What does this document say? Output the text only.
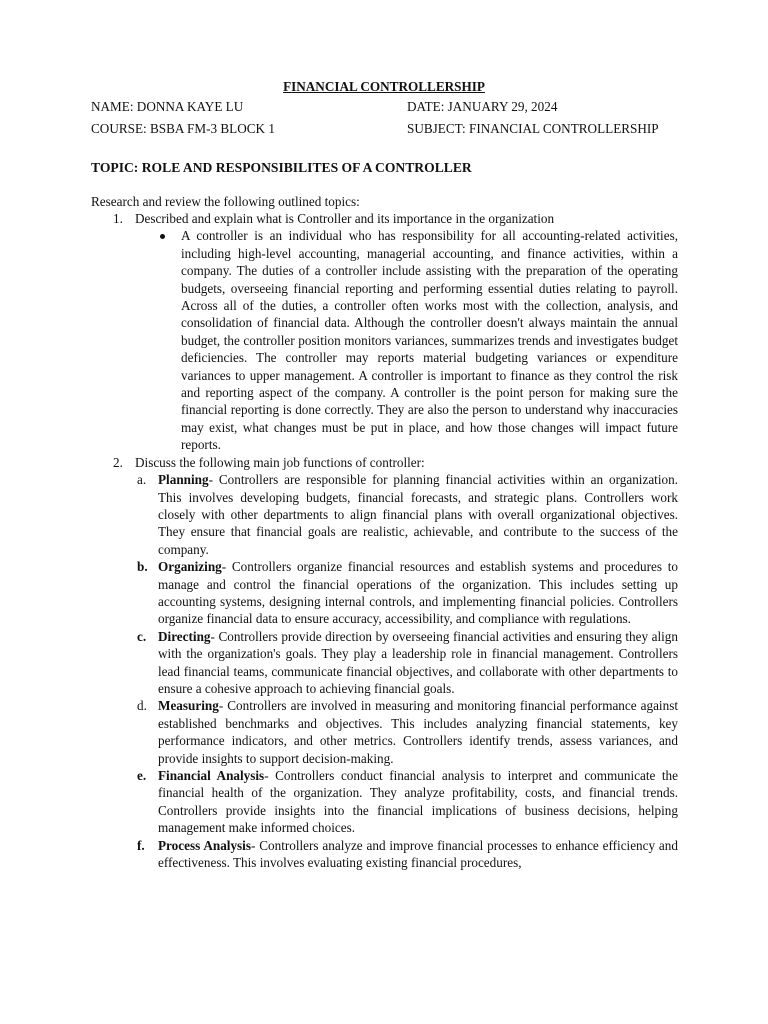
FINANCIAL CONTROLLERSHIP
NAME: DONNA KAYE LU	DATE: JANUARY 29, 2024
COURSE: BSBA FM-3 BLOCK 1	SUBJECT: FINANCIAL CONTROLLERSHIP
TOPIC: ROLE AND RESPONSIBILITES OF A CONTROLLER
Research and review the following outlined topics:
1. Described and explain what is Controller and its importance in the organization

A controller is an individual who has responsibility for all accounting-related activities, including high-level accounting, managerial accounting, and finance activities, within a company. The duties of a controller include assisting with the preparation of the operating budgets, overseeing financial reporting and performing essential duties relating to payroll. Across all of the duties, a controller often works most with the collection, analysis, and consolidation of financial data. Although the controller doesn't always maintain the annual budget, the controller position monitors variances, summarizes trends and investigates budget deficiencies. The controller may reports material budgeting variances or expenditure variances to upper management. A controller is important to finance as they control the risk and reporting aspect of the company. A controller is the point person for making sure the financial reporting is done correctly. They are also the person to understand why inaccuracies may exist, what changes must be put in place, and how those changes will impact future reports.

2. Discuss the following main job functions of controller:

a. Planning- Controllers are responsible for planning financial activities within an organization. This involves developing budgets, financial forecasts, and strategic plans. Controllers work closely with other departments to align financial plans with overall organizational objectives. They ensure that financial goals are realistic, achievable, and contribute to the success of the company.

b. Organizing- Controllers organize financial resources and establish systems and procedures to manage and control the financial operations of the organization. This includes setting up accounting systems, designing internal controls, and implementing financial policies. Controllers organize financial data to ensure accuracy, accessibility, and compliance with regulations.

c. Directing- Controllers provide direction by overseeing financial activities and ensuring they align with the organization's goals. They play a leadership role in financial management. Controllers lead financial teams, communicate financial objectives, and collaborate with other departments to ensure a cohesive approach to achieving financial goals.

d. Measuring- Controllers are involved in measuring and monitoring financial performance against established benchmarks and objectives. This includes analyzing financial statements, key performance indicators, and other metrics. Controllers identify trends, assess variances, and provide insights to support decision-making.

e. Financial Analysis- Controllers conduct financial analysis to interpret and communicate the financial health of the organization. They analyze profitability, costs, and financial trends. Controllers provide insights into the financial implications of business decisions, helping management make informed choices.

f. Process Analysis- Controllers analyze and improve financial processes to enhance efficiency and effectiveness. This involves evaluating existing financial procedures,
